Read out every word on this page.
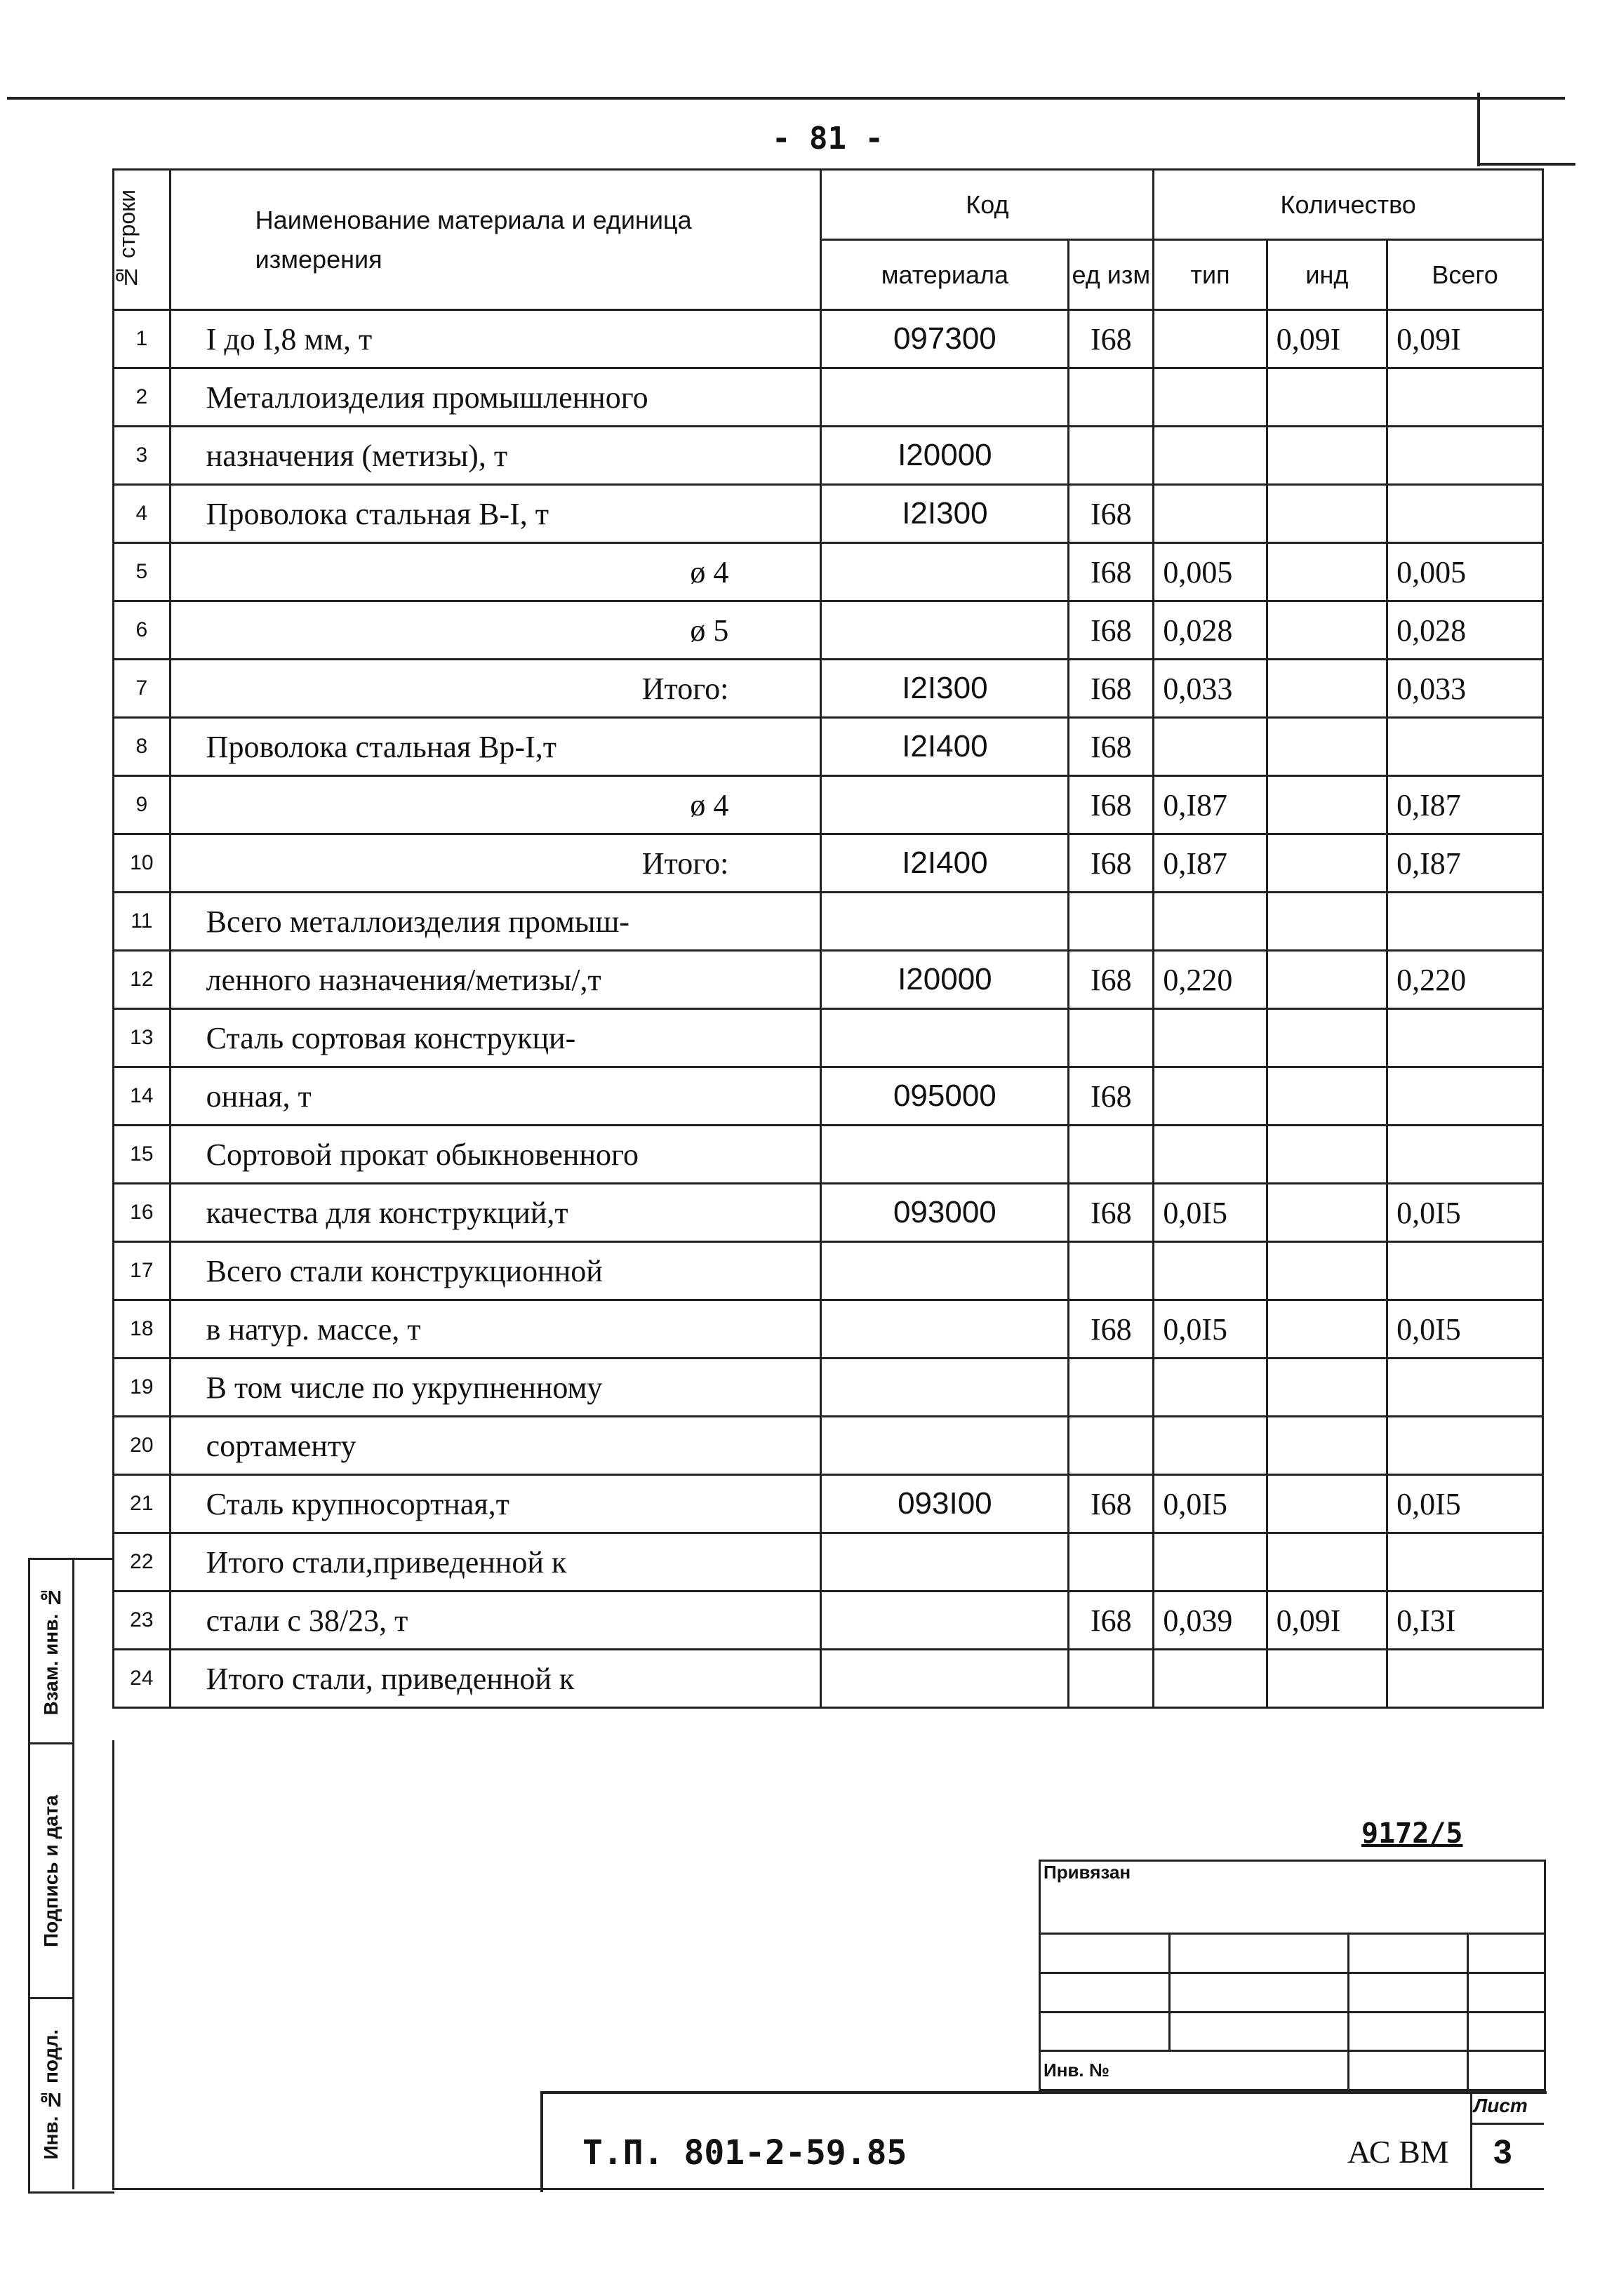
- 81 -
№ строки	Наименование материала и единица измерения	Код		Количество		
		материала	ед изм	тип	инд	Всего
1	I до I,8 мм, т	097300	I68		0,09I	0,09I
2	Металлоизделия промышленного					
3	назначения (метизы), т	I20000				
4	Проволока стальная В-I, т	I2I300	I68			
5	ø 4		I68	0,005		0,005
6	ø 5		I68	0,028		0,028
7	Итого:	I2I300	I68	0,033		0,033
8	Проволока стальная Вр-I,т	I2I400	I68			
9	ø 4		I68	0,I87		0,I87
10	Итого:	I2I400	I68	0,I87		0,I87
11	Всего металлоизделия промыш-					
12	ленного назначения/метизы/,т	I20000	I68	0,220		0,220
13	Сталь сортовая конструкци-					
14	онная, т	095000	I68			
15	Сортовой прокат обыкновенного					
16	качества для конструкций,т	093000	I68	0,0I5		0,0I5
17	Всего стали конструкционной					
18	в натур. массе, т		I68	0,0I5		0,0I5
19	В том числе по укрупненному					
20	сортаменту					
21	Сталь крупносортная,т	093I00	I68	0,0I5		0,0I5
22	Итого стали,приведенной к					
23	стали с 38/23, т		I68	0,039	0,09I	0,I3I
24	Итого стали, приведенной к					
Взам. инв. №
Подпись и дата
Инв. № подл.
9172/5
Привязан			

Инв. №			
Т.П. 801-2-59.85	АС ВМ
Лист
3
